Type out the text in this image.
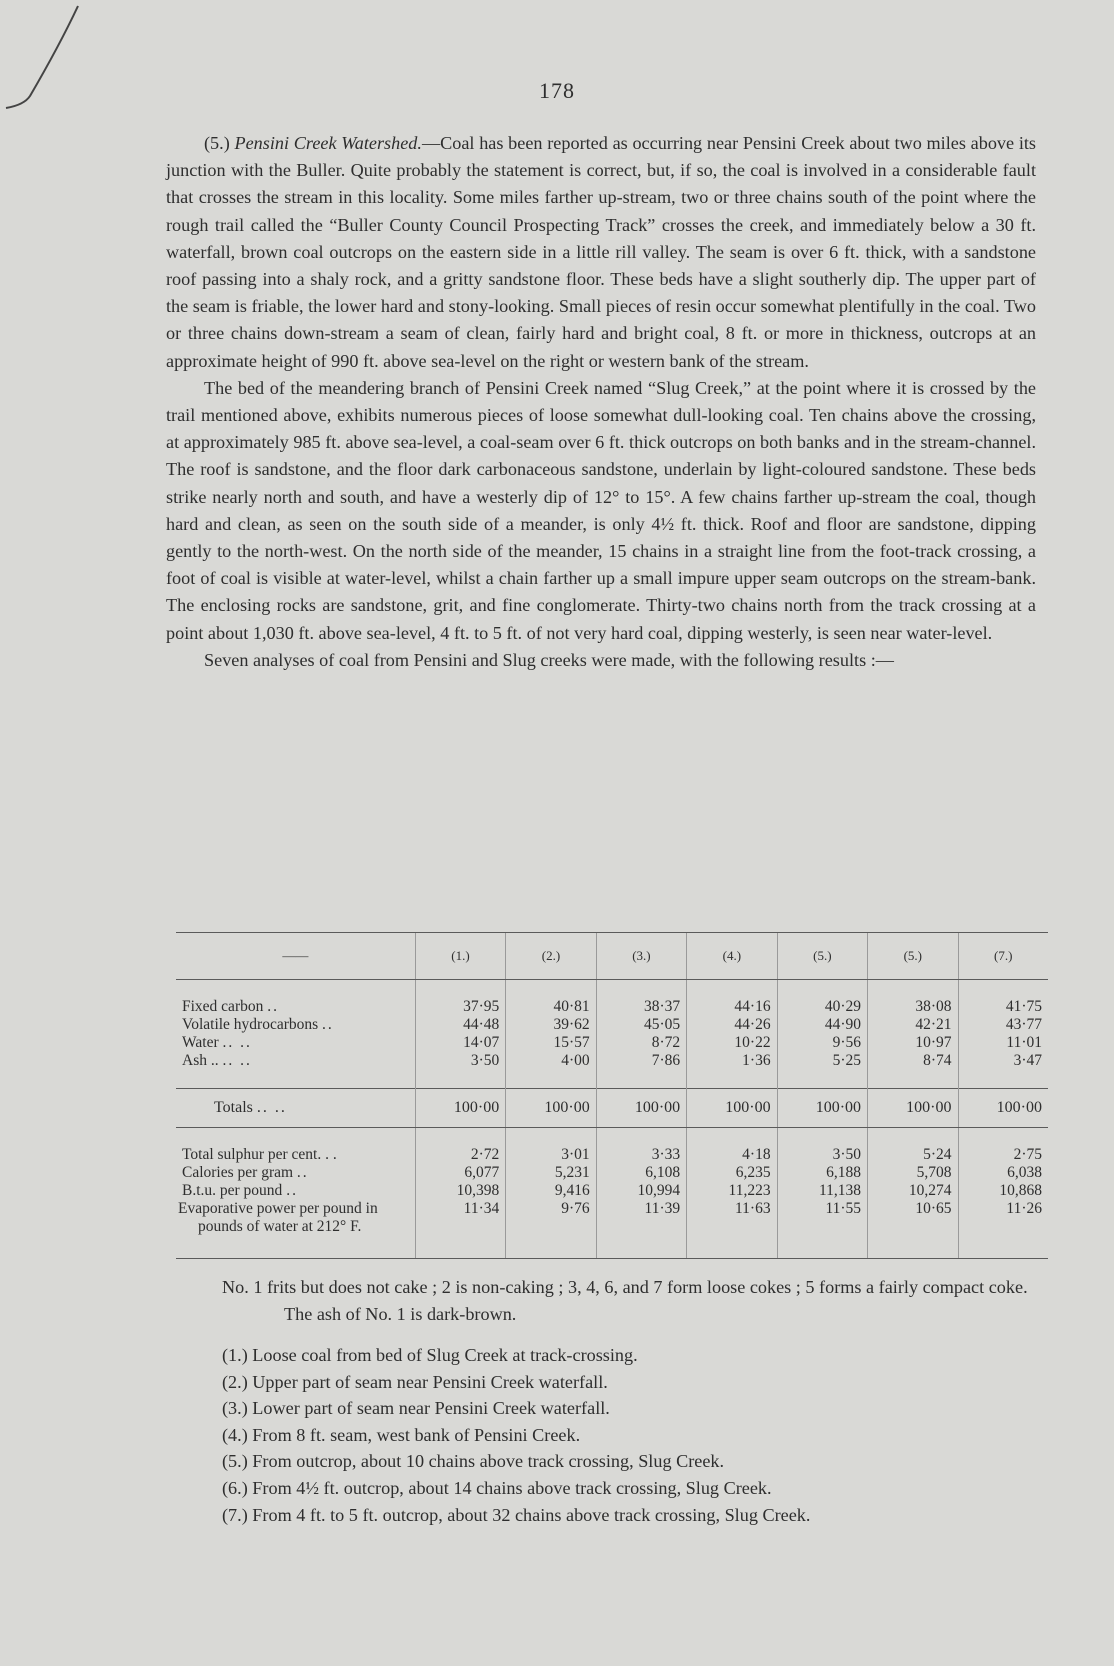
178

(5.) Pensini Creek Watershed.—Coal has been reported as occurring near Pensini Creek about two miles above its junction with the Buller. Quite probably the statement is correct, but, if so, the coal is involved in a considerable fault that crosses the stream in this locality. Some miles farther up-stream, two or three chains south of the point where the rough trail called the “Buller County Council Prospecting Track” crosses the creek, and immediately below a 30 ft. waterfall, brown coal outcrops on the eastern side in a little rill valley. The seam is over 6 ft. thick, with a sandstone roof passing into a shaly rock, and a gritty sandstone floor. These beds have a slight southerly dip. The upper part of the seam is friable, the lower hard and stony-looking. Small pieces of resin occur somewhat plentifully in the coal. Two or three chains down-stream a seam of clean, fairly hard and bright coal, 8 ft. or more in thickness, outcrops at an approximate height of 990 ft. above sea-level on the right or western bank of the stream.

The bed of the meandering branch of Pensini Creek named “Slug Creek,” at the point where it is crossed by the trail mentioned above, exhibits numerous pieces of loose somewhat dull-looking coal. Ten chains above the crossing, at approximately 985 ft. above sea-level, a coal-seam over 6 ft. thick outcrops on both banks and in the stream-channel. The roof is sandstone, and the floor dark carbonaceous sandstone, underlain by light-coloured sandstone. These beds strike nearly north and south, and have a westerly dip of 12° to 15°. A few chains farther up-stream the coal, though hard and clean, as seen on the south side of a meander, is only 4½ ft. thick. Roof and floor are sandstone, dipping gently to the north-west. On the north side of the meander, 15 chains in a straight line from the foot-track crossing, a foot of coal is visible at water-level, whilst a chain farther up a small impure upper seam outcrops on the stream-bank. The enclosing rocks are sandstone, grit, and fine conglomerate. Thirty-two chains north from the track crossing at a point about 1,030 ft. above sea-level, 4 ft. to 5 ft. of not very hard coal, dipping westerly, is seen near water-level.

Seven analyses of coal from Pensini and Slug creeks were made, with the following results :—

——	(1.)	(2.)	(3.)	(4.)	(5.)	(5.)	(7.)

Fixed carbon ..	37·95	40·81	38·37	44·16	40·29	38·08	41·75
Volatile hydrocarbons ..	44·48	39·62	45·05	44·26	44·90	42·21	43·77
Water .. ..	14·07	15·57	8·72	10·22	9·56	10·97	11·01
Ash .. .. ..	3·50	4·00	7·86	1·36	5·25	8·74	3·47

Totals .. ..	100·00	100·00	100·00	100·00	100·00	100·00	100·00

Total sulphur per cent. . .	2·72	3·01	3·33	4·18	3·50	5·24	2·75
Calories per gram ..	6,077	5,231	6,108	6,235	6,188	5,708	6,038
B.t.u. per pound ..	10,398	9,416	10,994	11,223	11,138	10,274	10,868
Evaporative power per pound in pounds of water at 212° F.	11·34	9·76	11·39	11·63	11·55	10·65	11·26

No. 1 frits but does not cake ; 2 is non-caking ; 3, 4, 6, and 7 form loose cokes ; 5 forms a fairly compact coke. The ash of No. 1 is dark-brown.

(1.) Loose coal from bed of Slug Creek at track-crossing.
(2.) Upper part of seam near Pensini Creek waterfall.
(3.) Lower part of seam near Pensini Creek waterfall.
(4.) From 8 ft. seam, west bank of Pensini Creek.
(5.) From outcrop, about 10 chains above track crossing, Slug Creek.
(6.) From 4½ ft. outcrop, about 14 chains above track crossing, Slug Creek.
(7.) From 4 ft. to 5 ft. outcrop, about 32 chains above track crossing, Slug Creek.
